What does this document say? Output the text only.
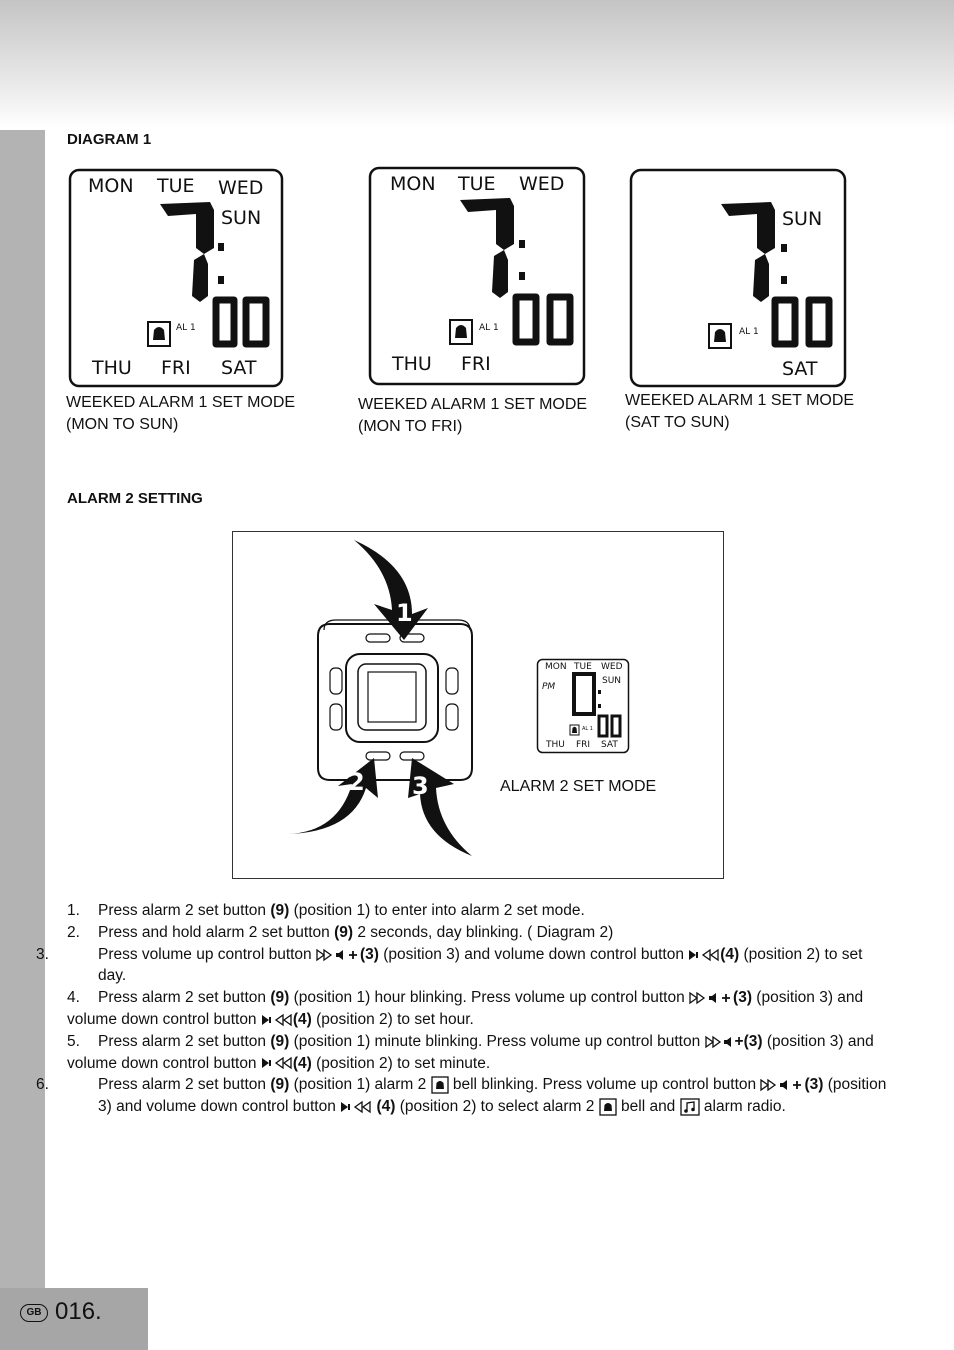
DIAGRAM 1
MON TUE WED
SUN
THU FRI SAT
AL 1
MON TUE WED
THU FRI
AL 1
SUN
SAT
AL 1
WEEKED ALARM 1 SET MODE
(MON TO SUN)
WEEKED ALARM 1 SET MODE
(MON TO FRI)
WEEKED ALARM 1 SET MODE
(SAT TO SUN)
ALARM 2 SETTING
1
2 3
MON TUE WED
SUN
PM
THU FRI SAT
AL 1
ALARM 2 SET MODE

1. Press alarm 2 set button (9) (position 1) to enter into alarm 2 set mode.

2. Press and hold alarm 2 set button (9) 2 seconds, day blinking. ( Diagram 2)

3.	Press volume up control button	(3) (position 3) and volume down control button (4) (position 2) to set day.

4. Press alarm 2 set button (9) (position 1) hour blinking. Press volume up control button	(3) (position 3) and volume down control button (4) (position 2) to set hour.

5. Press alarm 2 set button (9) (position 1) minute blinking. Press volume up control button +(3) (position 3) and volume down control button (4) (position 2) to set minute.

6.	Press alarm 2 set button (9) (position 1) alarm 2  bell blinking. Press volume up control button	(3) (position 3) and volume down control button  (4) (position 2) to select alarm 2  bell and  alarm radio.

GB 016.
